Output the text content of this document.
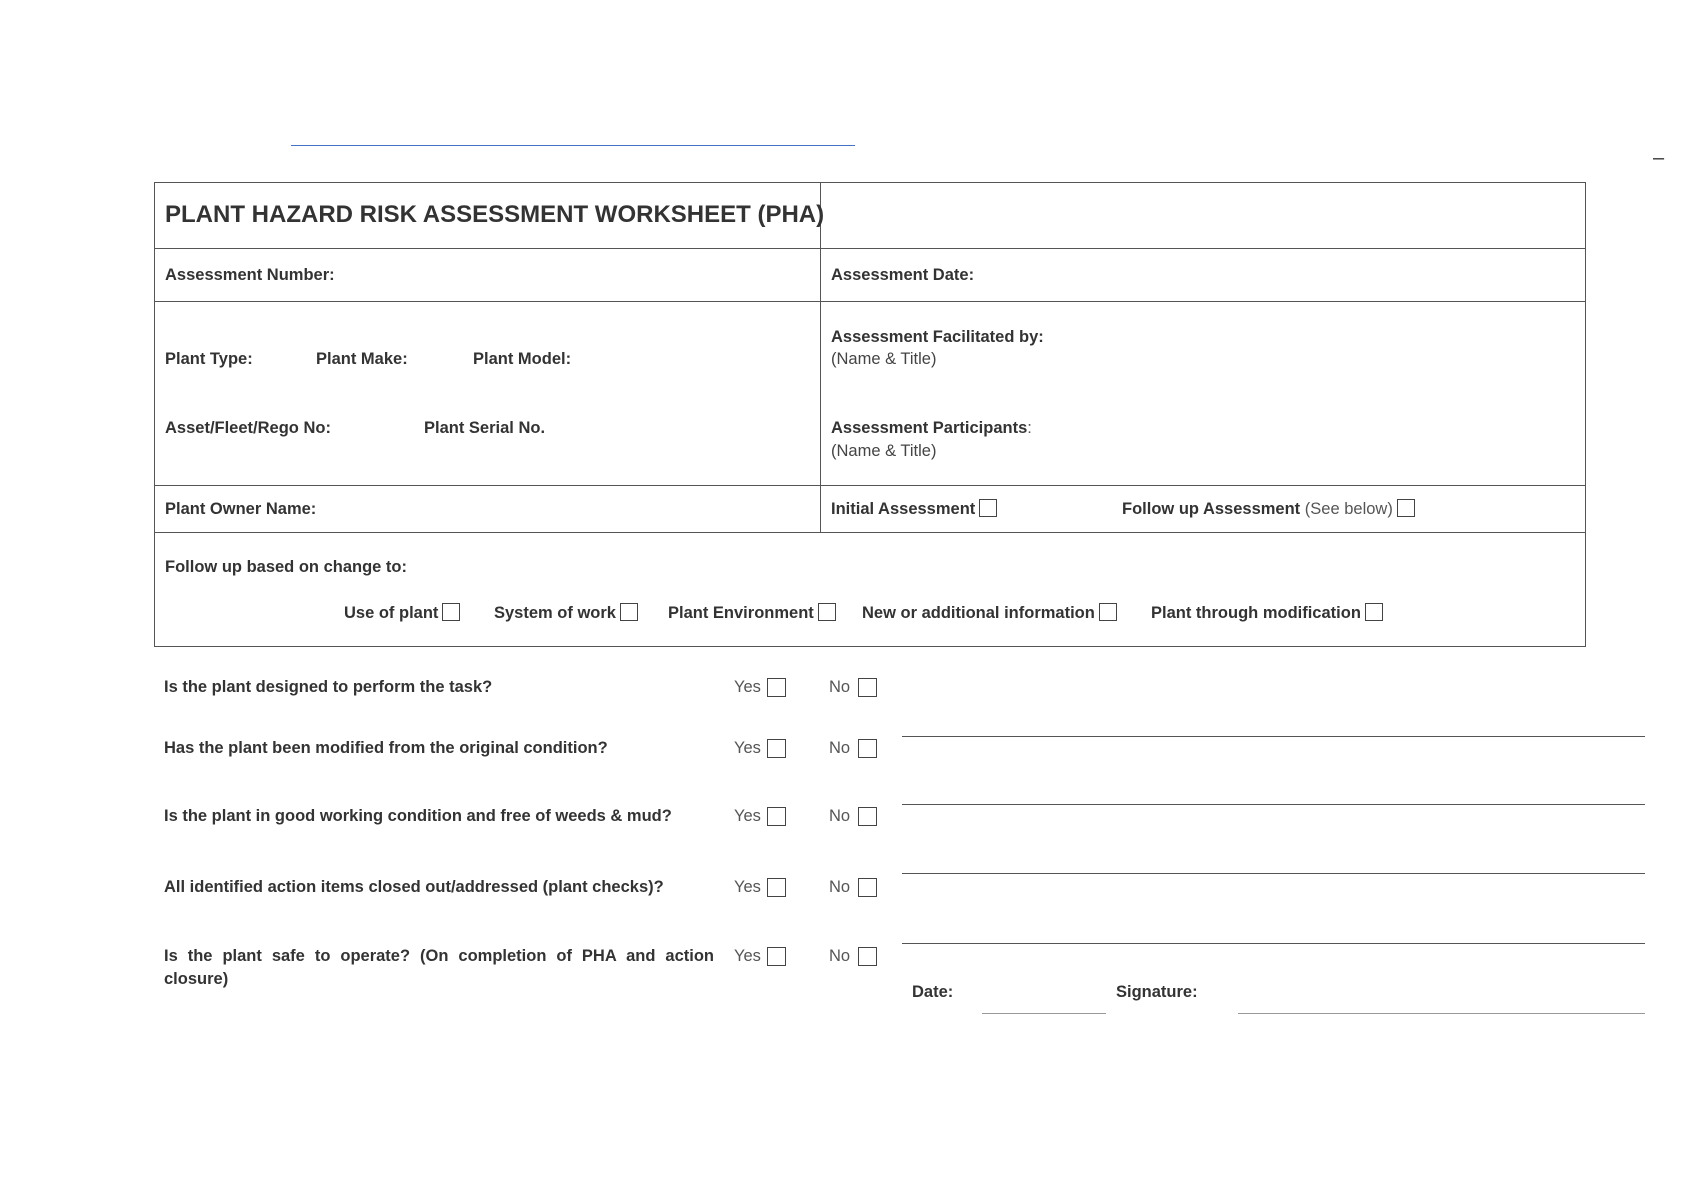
–
PLANT HAZARD RISK ASSESSMENT WORKSHEET (PHA)
Assessment Number:	Assessment Date:
Plant Type:	Plant Make:	Plant Model:
Asset/Fleet/Rego No:	Plant Serial No.
Assessment Facilitated by:
(Name & Title)
Assessment Participants:
(Name & Title)
Plant Owner Name:	Initial Assessment	Follow up Assessment (See below)
Follow up based on change to:
Use of plant	System of work	Plant Environment	New or additional information	Plant through modification
Is the plant designed to perform the task?	Yes	No
Has the plant been modified from the original condition?	Yes	No
Is the plant in good working condition and free of weeds & mud?	Yes	No
All identified action items closed out/addressed (plant checks)?	Yes	No
Is the plant safe to operate? (On completion of PHA and action
closure)
Yes	No
Date:	Signature:
